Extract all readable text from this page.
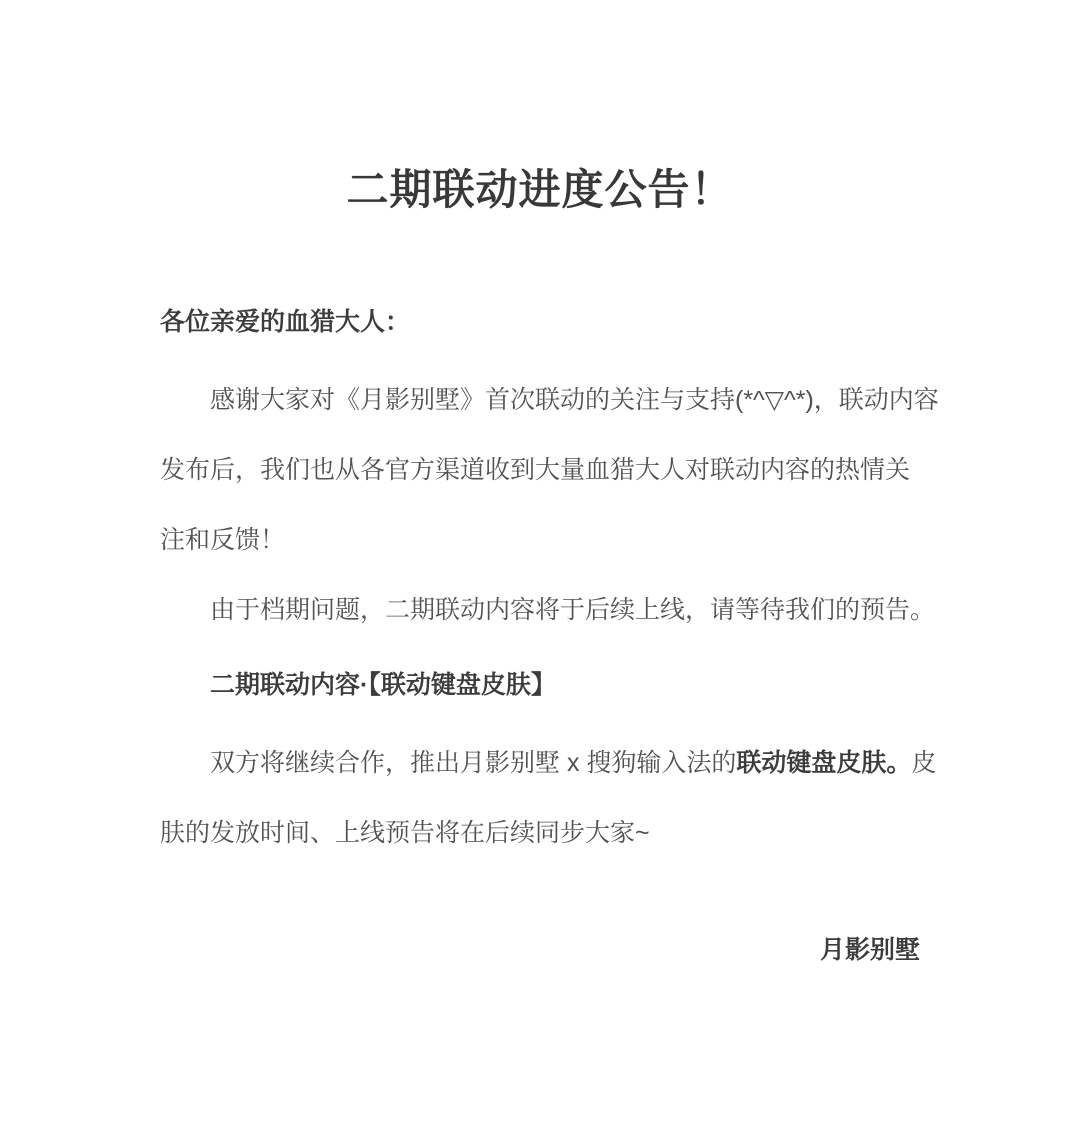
二期联动进度公告！

各位亲爱的血猎大人：

感谢大家对《月影别墅》首次联动的关注与支持(*^▽^*)，联动内容

发布后，我们也从各官方渠道收到大量血猎大人对联动内容的热情关

注和反馈！

由于档期问题，二期联动内容将于后续上线，请等待我们的预告。

二期联动内容·【联动键盘皮肤】

双方将继续合作，推出月影别墅 x 搜狗输入法的联动键盘皮肤。皮

肤的发放时间、上线预告将在后续同步大家~

月影别墅
